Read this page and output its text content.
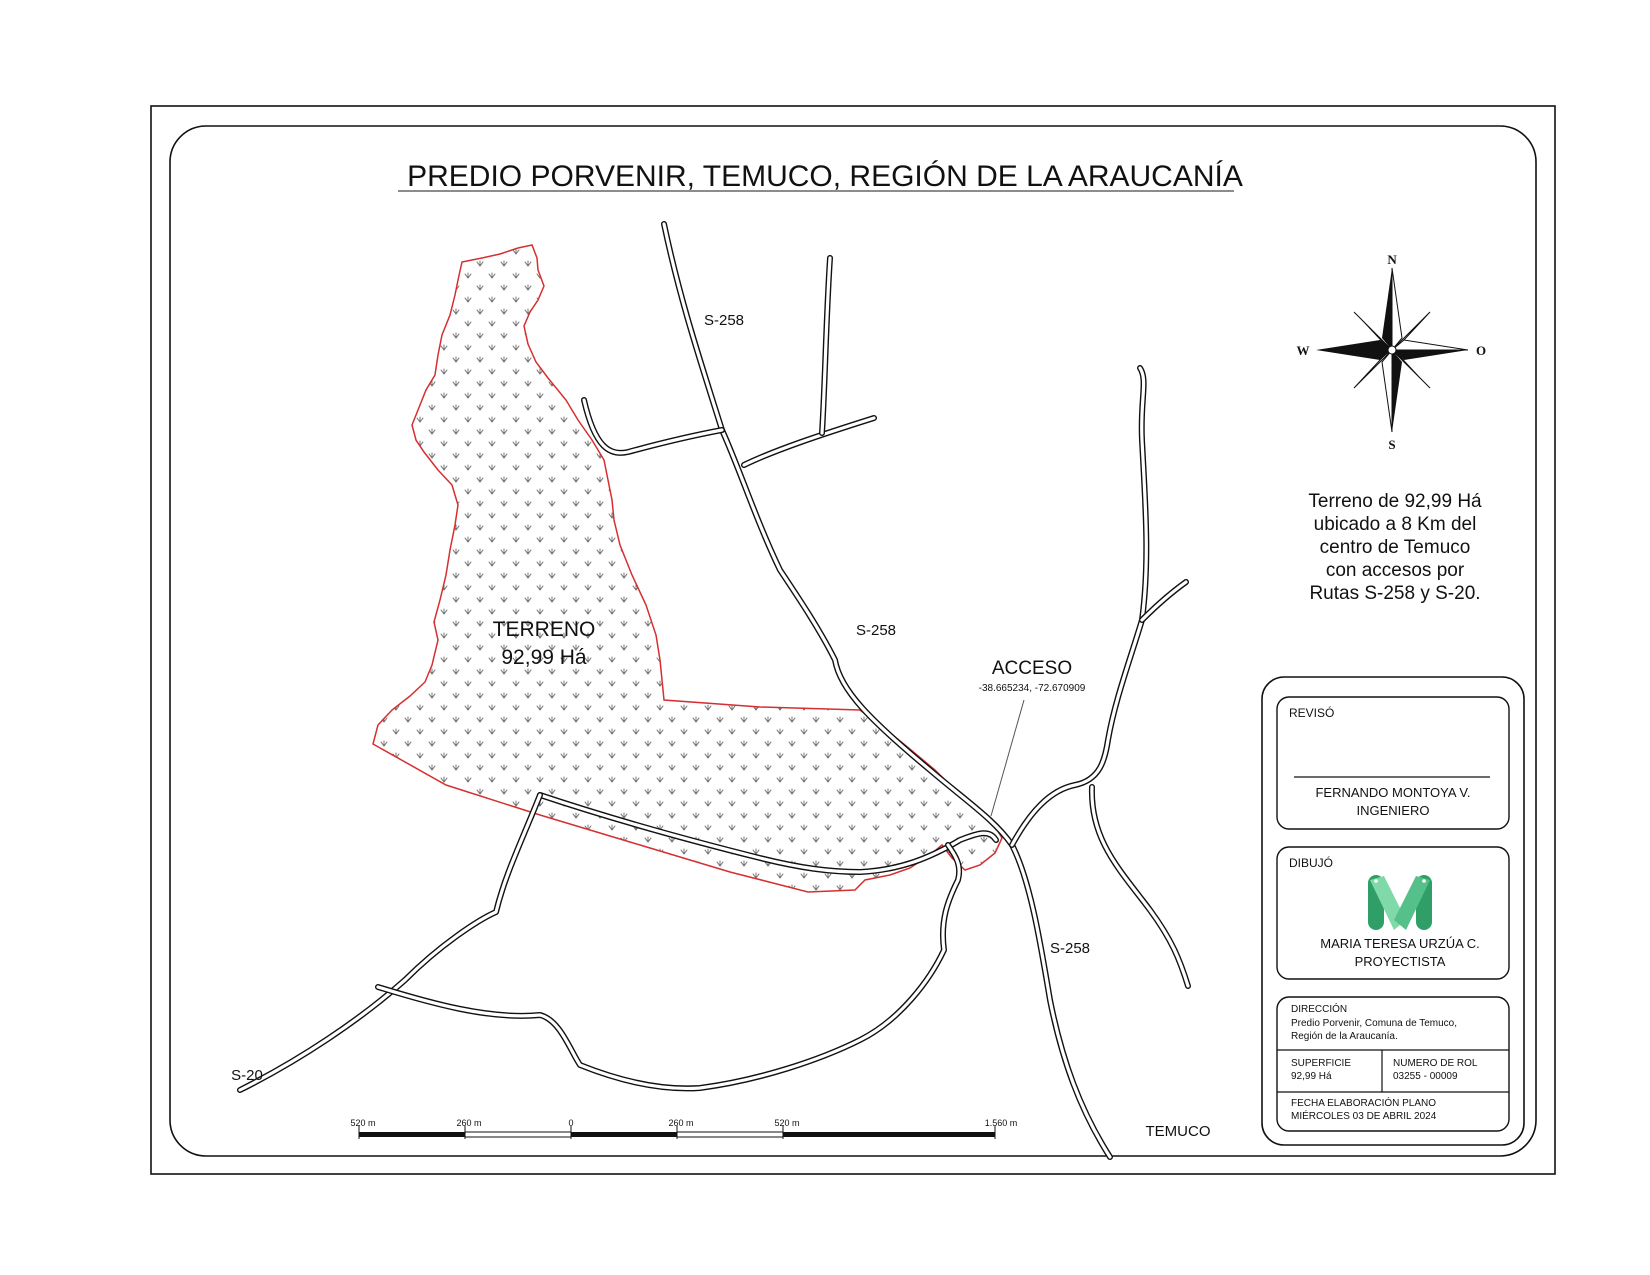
PREDIO PORVENIR, TEMUCO, REGIÓN DE LA ARAUCANÍA
TERRENO
92,99 Há
S-258
S-258
S-258
S-20
TEMUCO
ACCESO
-38.665234, -72.670909
N
S
W	O
Terreno de 92,99 Há
ubicado a 8 Km del
centro de Temuco
con accesos por
Rutas S-258 y S-20.
520 m	260 m	0	260 m	520 m	1.560 m
REVISÓ
FERNANDO MONTOYA V.
INGENIERO
DIBUJÓ
MARIA TERESA URZÚA C.
PROYECTISTA
DIRECCIÓN
Predio Porvenir, Comuna de Temuco,
Región de la Araucanía.
SUPERFICIE
92,99 Há
NUMERO DE ROL
03255 - 00009
FECHA ELABORACIÓN PLANO
MIÉRCOLES 03 DE ABRIL 2024
